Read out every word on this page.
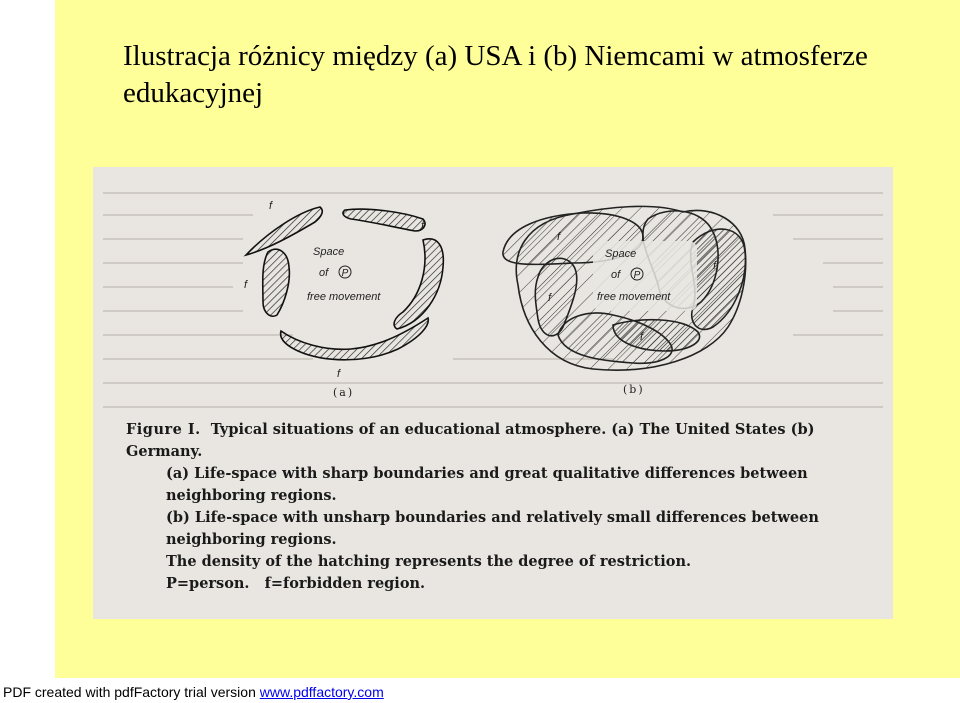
Ilustracja różnicy między (a) USA i (b) Niemcami w atmosferze edukacyjnej
Space
of P
free movement
f
f
f
f
(a)
Space
of P
free movement
f
f
f
f
(b)

Figure I. Typical situations of an educational atmosphere. (a) The United States (b) Germany.

(a) Life-space with sharp boundaries and great qualitative differences between neighboring regions.

(b) Life-space with unsharp boundaries and relatively small differences between neighboring regions.

The density of the hatching represents the degree of restriction.

P=person.   f=forbidden region.

PDF created with pdfFactory trial version www.pdffactory.com
